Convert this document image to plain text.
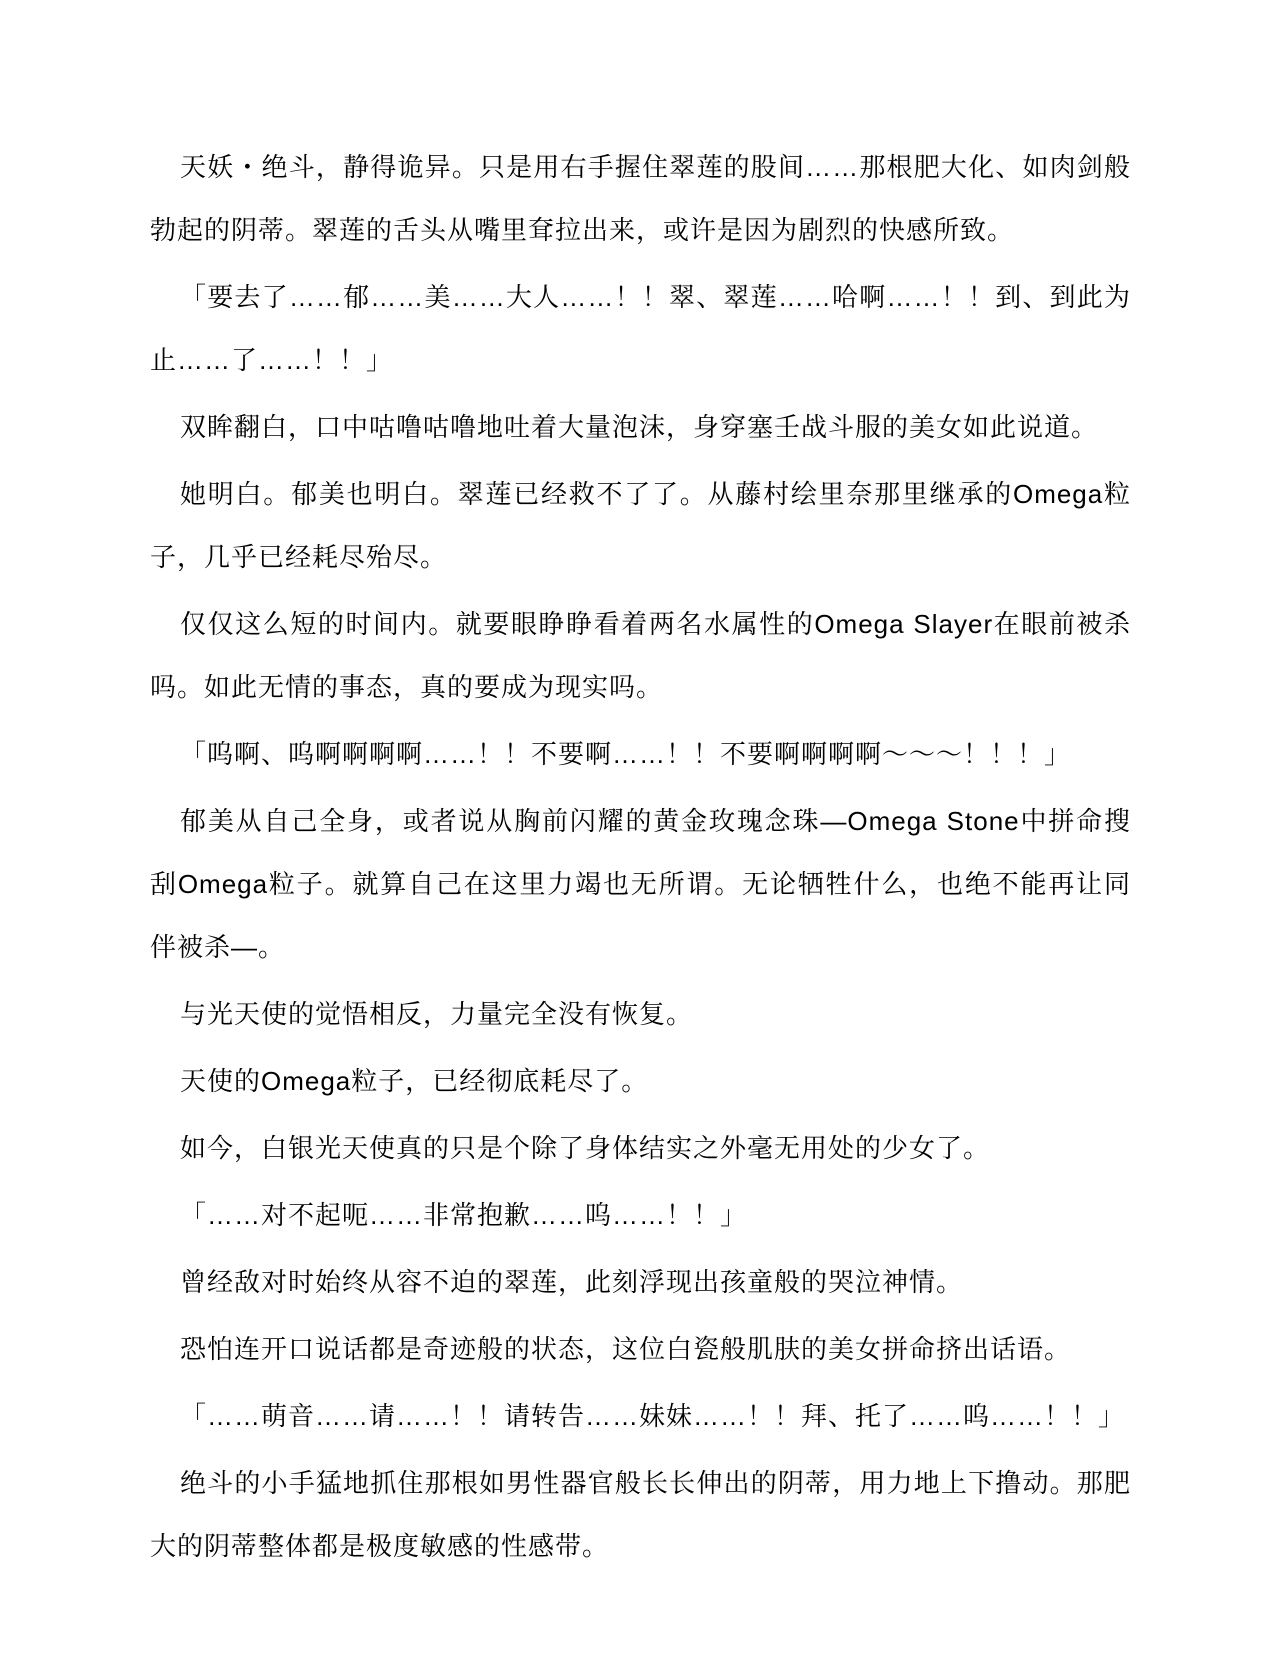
天妖・绝斗，静得诡异。只是用右手握住翠莲的股间……那根肥大化、如肉剑般勃起的阴蒂。翠莲的舌头从嘴里耷拉出来，或许是因为剧烈的快感所致。

「要去了……郁……美……大人……！！翠、翠莲……哈啊……！！到、到此为止……了……！！」

双眸翻白，口中咕噜咕噜地吐着大量泡沫，身穿塞壬战斗服的美女如此说道。

她明白。郁美也明白。翠莲已经救不了了。从藤村绘里奈那里继承的Omega粒子，几乎已经耗尽殆尽。

仅仅这么短的时间内。就要眼睁睁看着两名水属性的Omega Slayer在眼前被杀吗。如此无情的事态，真的要成为现实吗。

「呜啊、呜啊啊啊啊……！！不要啊……！！不要啊啊啊啊～～～！！！」

郁美从自己全身，或者说从胸前闪耀的黄金玫瑰念珠—Omega Stone中拼命搜刮Omega粒子。就算自己在这里力竭也无所谓。无论牺牲什么，也绝不能再让同伴被杀—。

与光天使的觉悟相反，力量完全没有恢复。

天使的Omega粒子，已经彻底耗尽了。

如今，白银光天使真的只是个除了身体结实之外毫无用处的少女了。

「……对不起呃……非常抱歉……呜……！！」

曾经敌对时始终从容不迫的翠莲，此刻浮现出孩童般的哭泣神情。

恐怕连开口说话都是奇迹般的状态，这位白瓷般肌肤的美女拼命挤出话语。

「……萌音……请……！！请转告……妹妹……！！拜、托了……呜……！！」

绝斗的小手猛地抓住那根如男性器官般长长伸出的阴蒂，用力地上下撸动。那肥大的阴蒂整体都是极度敏感的性感带。
